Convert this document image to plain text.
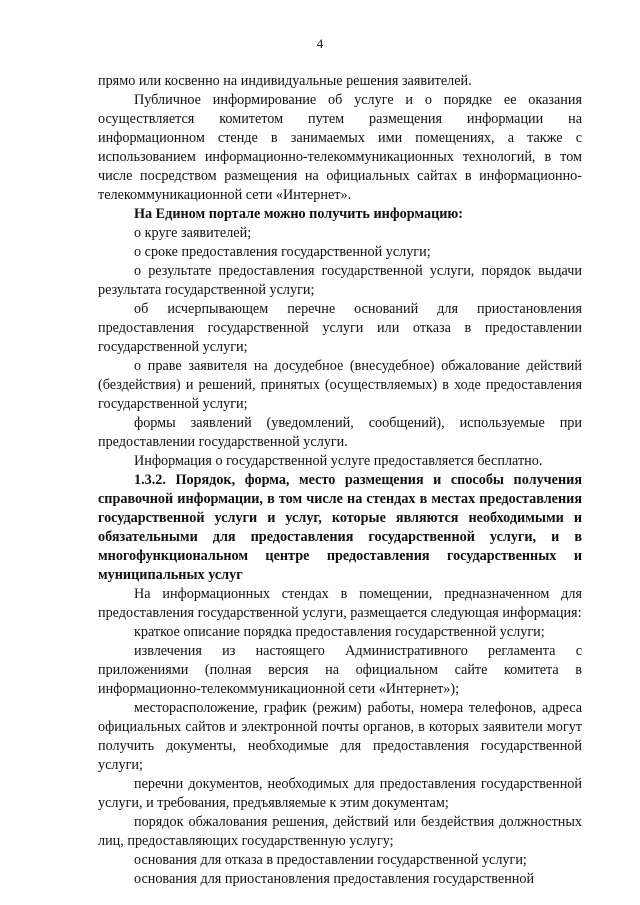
4

прямо или косвенно на индивидуальные решения заявителей.

Публичное информирование об услуге и о порядке ее оказания осуществляется комитетом путем размещения информации на информационном стенде в занимаемых ими помещениях, а также с использованием информационно-телекоммуникационных технологий, в том числе посредством размещения на официальных сайтах в информационно-телекоммуникационной сети «Интернет».

На Едином портале можно получить информацию:

о круге заявителей;

о сроке предоставления государственной услуги;

о результате предоставления государственной услуги, порядок выдачи результата государственной услуги;

об исчерпывающем перечне оснований для приостановления предоставления государственной услуги или отказа в предоставлении государственной услуги;

о праве заявителя на досудебное (внесудебное) обжалование действий (бездействия) и решений, принятых (осуществляемых) в ходе предоставления государственной услуги;

формы заявлений (уведомлений, сообщений), используемые при предоставлении государственной услуги.

Информация о государственной услуге предоставляется бесплатно.

1.3.2. Порядок, форма, место размещения и способы получения справочной информации, в том числе на стендах в местах предоставления государственной услуги и услуг, которые являются необходимыми и обязательными для предоставления государственной услуги, и в многофункциональном центре предоставления государственных и муниципальных услуг

На информационных стендах в помещении, предназначенном для предоставления государственной услуги, размещается следующая информация:

краткое описание порядка предоставления государственной услуги;

извлечения из настоящего Административного регламента с приложениями (полная версия на официальном сайте комитета в информационно-телекоммуникационной сети «Интернет»);

месторасположение, график (режим) работы, номера телефонов, адреса официальных сайтов и электронной почты органов, в которых заявители могут получить документы, необходимые для предоставления государственной услуги;

перечни документов, необходимых для предоставления государственной услуги, и требования, предъявляемые к этим документам;

порядок обжалования решения, действий или бездействия должностных лиц, предоставляющих государственную услугу;

основания для отказа в предоставлении государственной услуги;

основания для приостановления предоставления государственной
